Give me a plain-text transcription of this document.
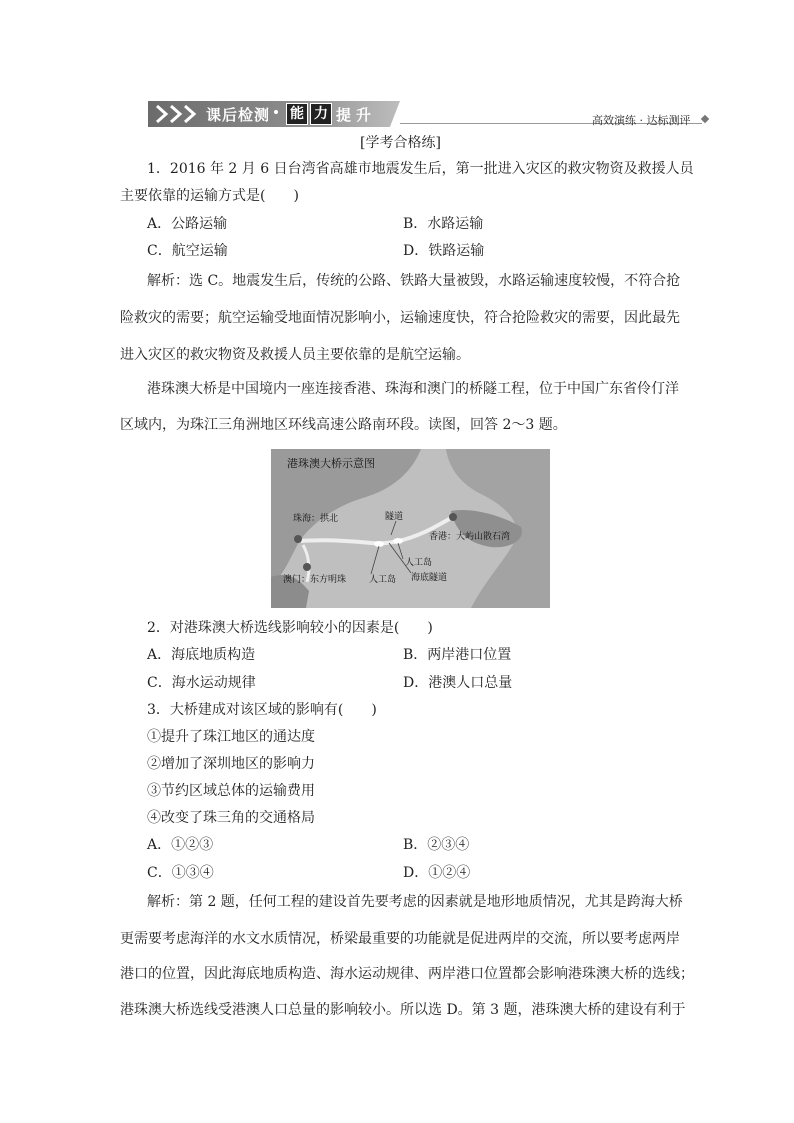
课后检测 能 力 提 升	高效演练 · 达标测评
[学考合格练]
1．2016 年 2 月 6 日台湾省高雄市地震发生后，第一批进入灾区的救灾物资及救援人员
主要依靠的运输方式是(　　)
A．公路运输	B．水路运输
C．航空运输	D．铁路运输
解析：选 C。地震发生后，传统的公路、铁路大量被毁，水路运输速度较慢，不符合抢
险救灾的需要；航空运输受地面情况影响小，运输速度快，符合抢险救灾的需要，因此最先
进入灾区的救灾物资及救援人员主要依靠的是航空运输。
港珠澳大桥是中国境内一座连接香港、珠海和澳门的桥隧工程，位于中国广东省伶仃洋
区域内，为珠江三角洲地区环线高速公路南环段。读图，回答 2～3 题。
港珠澳大桥示意图
珠海：拱北	隧道
香港：大屿山散石湾
人工岛
人工岛 海底隧道
澳门：东方明珠
2．对港珠澳大桥选线影响较小的因素是(　　)
A．海底地质构造	B．两岸港口位置
C．海水运动规律	D．港澳人口总量
3．大桥建成对该区域的影响有(　　)
①提升了珠江地区的通达度
②增加了深圳地区的影响力
③节约区域总体的运输费用
④改变了珠三角的交通格局
A．①②③	B．②③④
C．①③④	D．①②④
解析：第 2 题，任何工程的建设首先要考虑的因素就是地形地质情况，尤其是跨海大桥
更需要考虑海洋的水文水质情况，桥梁最重要的功能就是促进两岸的交流，所以要考虑两岸
港口的位置，因此海底地质构造、海水运动规律、两岸港口位置都会影响港珠澳大桥的选线；
港珠澳大桥选线受港澳人口总量的影响较小。所以选 D。第 3 题，港珠澳大桥的建设有利于
